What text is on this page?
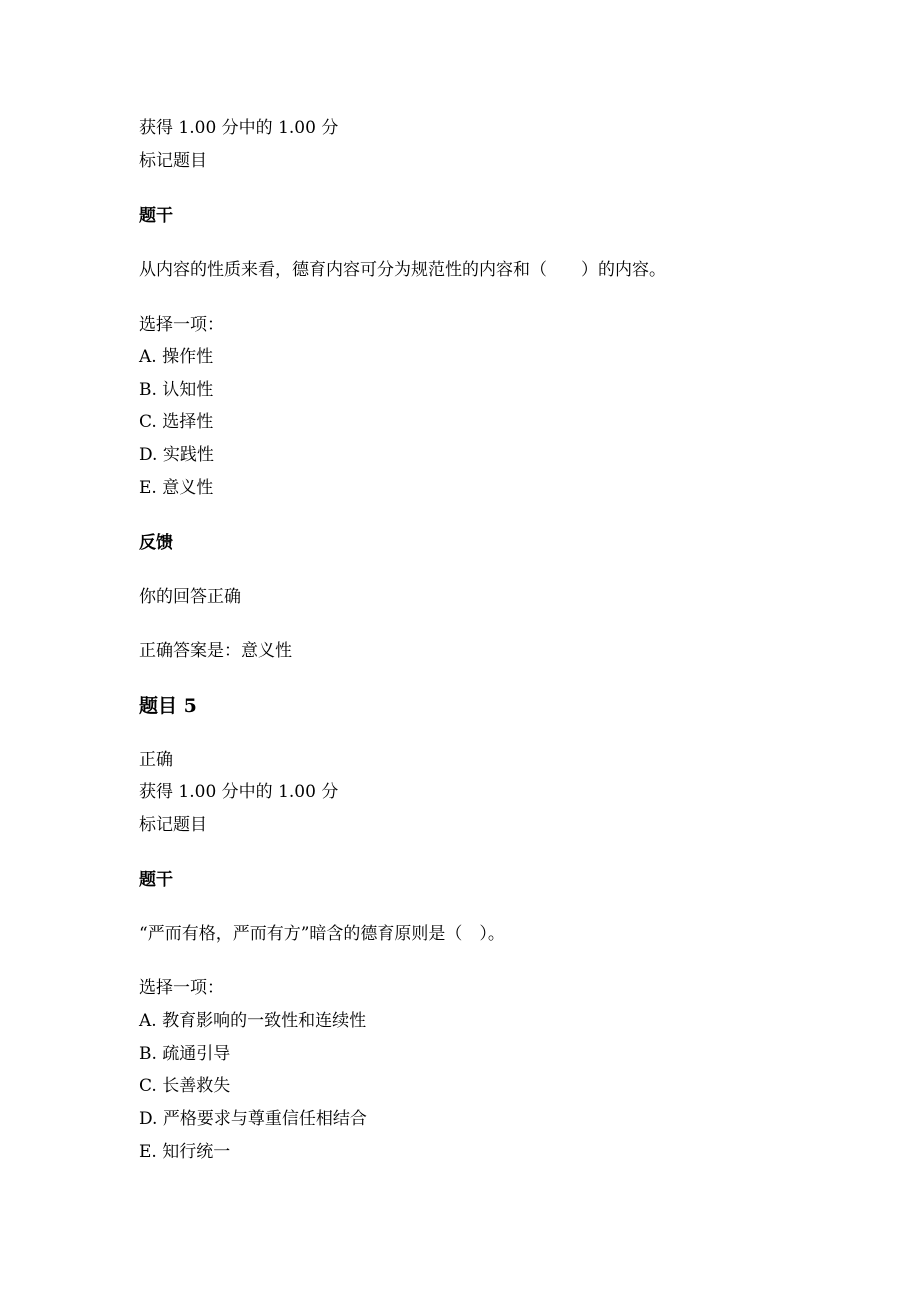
获得 1.00 分中的 1.00 分
标记题目
题干
从内容的性质来看，德育内容可分为规范性的内容和（　　）的内容。
选择一项：
A. 操作性
B. 认知性
C. 选择性
D. 实践性
E. 意义性
反馈
你的回答正确
正确答案是：意义性
题目 5
正确
获得 1.00 分中的 1.00 分
标记题目
题干
“严而有格，严而有方”暗含的德育原则是（　）。
选择一项：
A. 教育影响的一致性和连续性
B. 疏通引导
C. 长善救失
D. 严格要求与尊重信任相结合
E. 知行统一
